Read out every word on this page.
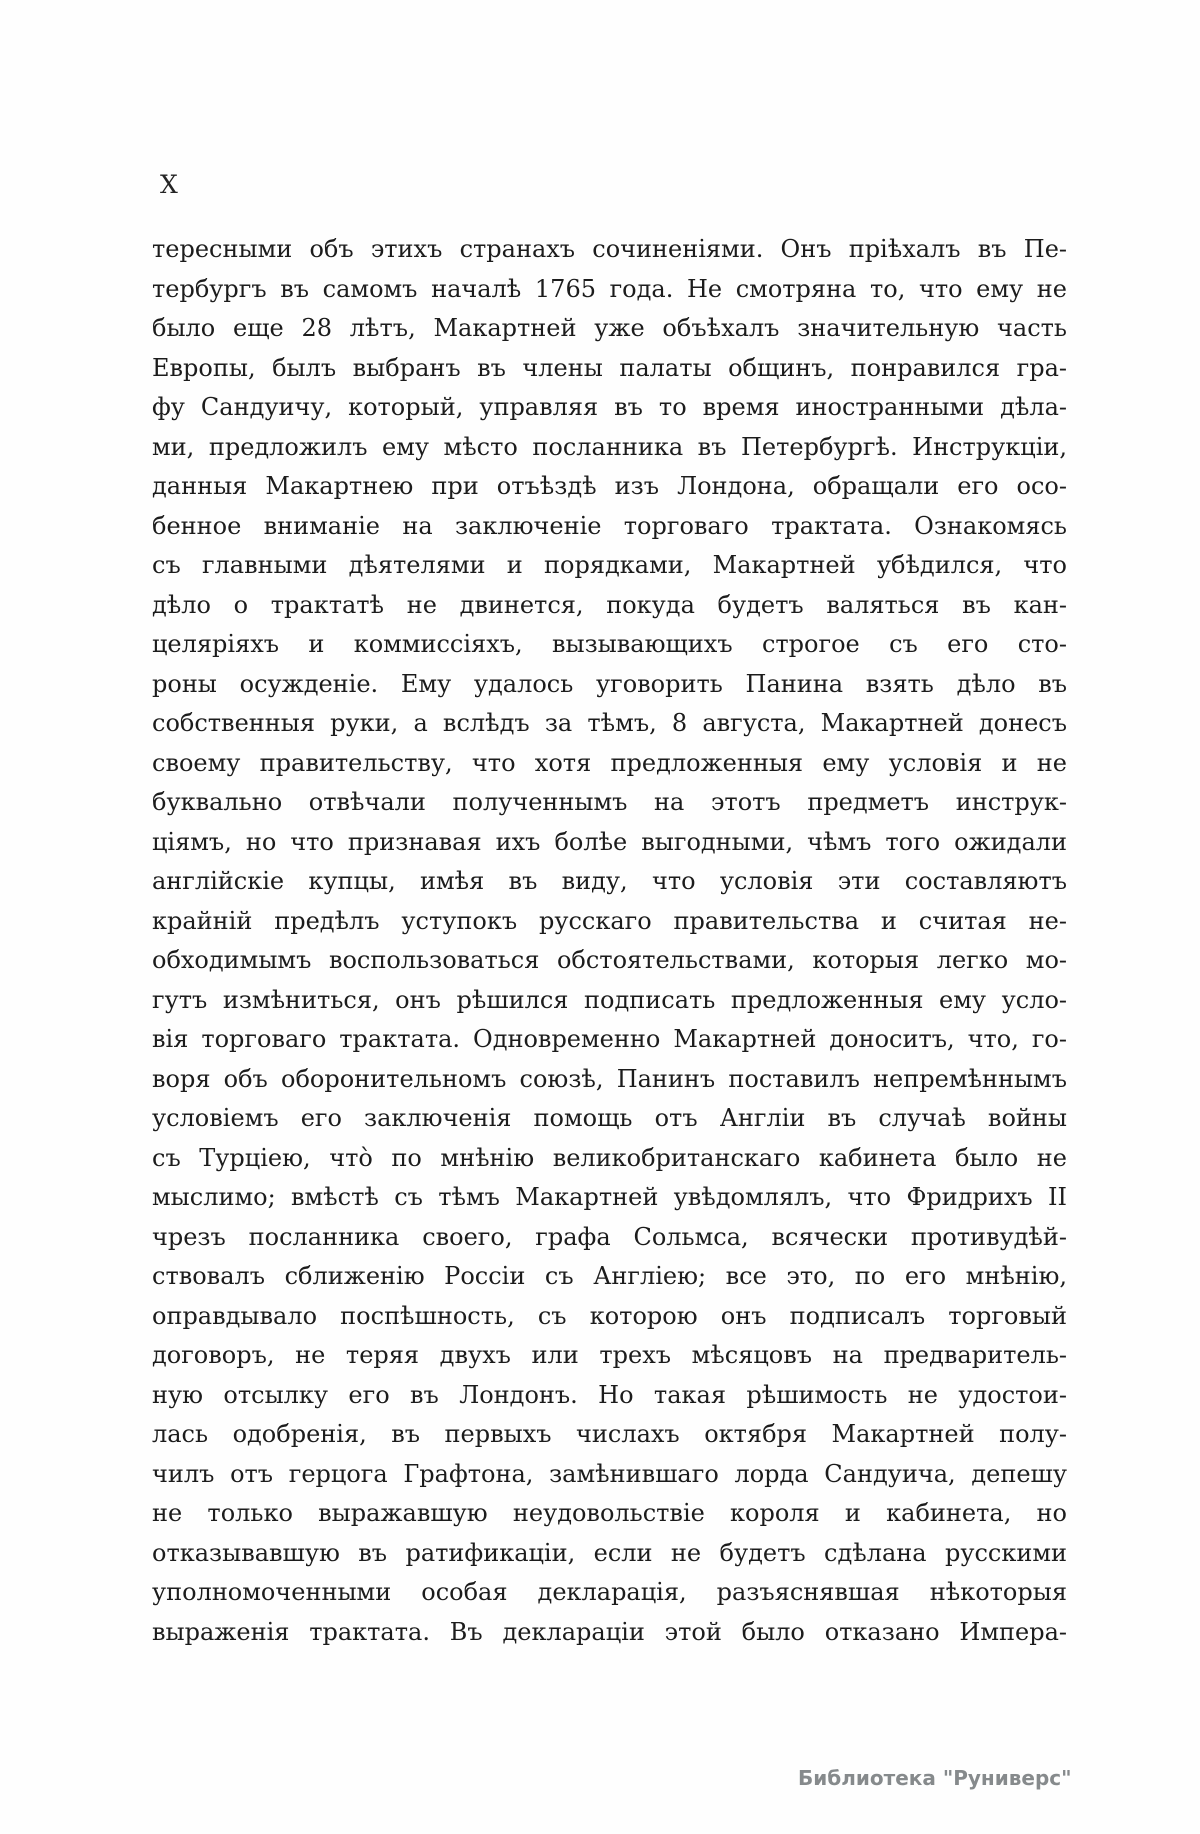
X
тересными объ этихъ странахъ сочиненіями. Онъ пріѣхалъ въ Пе-
тербургъ въ самомъ началѣ 1765 года. Не смотряна то, что ему не
было еще 28 лѣтъ, Макартней уже объѣхалъ значительную часть
Европы, былъ выбранъ въ члены палаты общинъ, понравился гра-
фу Сандуичу, который, управляя въ то время иностранными дѣла-
ми, предложилъ ему мѣсто посланника въ Петербургѣ. Инструкціи,
данныя Макартнею при отъѣздѣ изъ Лондона, обращали его осо-
бенное вниманіе на заключеніе торговаго трактата. Ознакомясь
съ главными дѣятелями и порядками, Макартней убѣдился, что
дѣло о трактатѣ не двинется, покуда будетъ валяться въ кан-
целяріяхъ и коммиссіяхъ, вызывающихъ строгое съ его сто-
роны осужденіе. Ему удалось уговорить Панина взять дѣло въ
собственныя руки, а вслѣдъ за тѣмъ, 8 августа, Макартней донесъ
своему правительству, что хотя предложенныя ему условія и не
буквально отвѣчали полученнымъ на этотъ предметъ инструк-
ціямъ, но что признавая ихъ болѣе выгодными, чѣмъ того ожидали
англійскіе купцы, имѣя въ виду, что условія эти составляютъ
крайній предѣлъ уступокъ русскаго правительства и считая не-
обходимымъ воспользоваться обстоятельствами, которыя легко мо-
гутъ измѣниться, онъ рѣшился подписать предложенныя ему усло-
вія торговаго трактата. Одновременно Макартней доноситъ, что, го-
воря объ оборонительномъ союзѣ, Панинъ поставилъ непремѣннымъ
условіемъ его заключенія помощь отъ Англіи въ случаѣ войны
съ Турціею, что̀ по мнѣнію великобританскаго кабинета было не
мыслимо; вмѣстѣ съ тѣмъ Макартней увѣдомлялъ, что Фридрихъ II
чрезъ посланника своего, графа Сольмса, всячески противудѣй-
ствовалъ сближенію Россіи съ Англіею; все это, по его мнѣнію,
оправдывало поспѣшность, съ которою онъ подписалъ торговый
договоръ, не теряя двухъ или трехъ мѣсяцовъ на предваритель-
ную отсылку его въ Лондонъ. Но такая рѣшимость не удостои-
лась одобренія, въ первыхъ числахъ октября Макартней полу-
чилъ отъ герцога Графтона, замѣнившаго лорда Сандуича, депешу
не только выражавшую неудовольствіе короля и кабинета, но
отказывавшую въ ратификаціи, если не будетъ сдѣлана русскими
уполномоченными особая декларація, разъяснявшая нѣкоторыя
выраженія трактата. Въ деклараціи этой было отказано Импера-
Библиотека "Руниверс"
